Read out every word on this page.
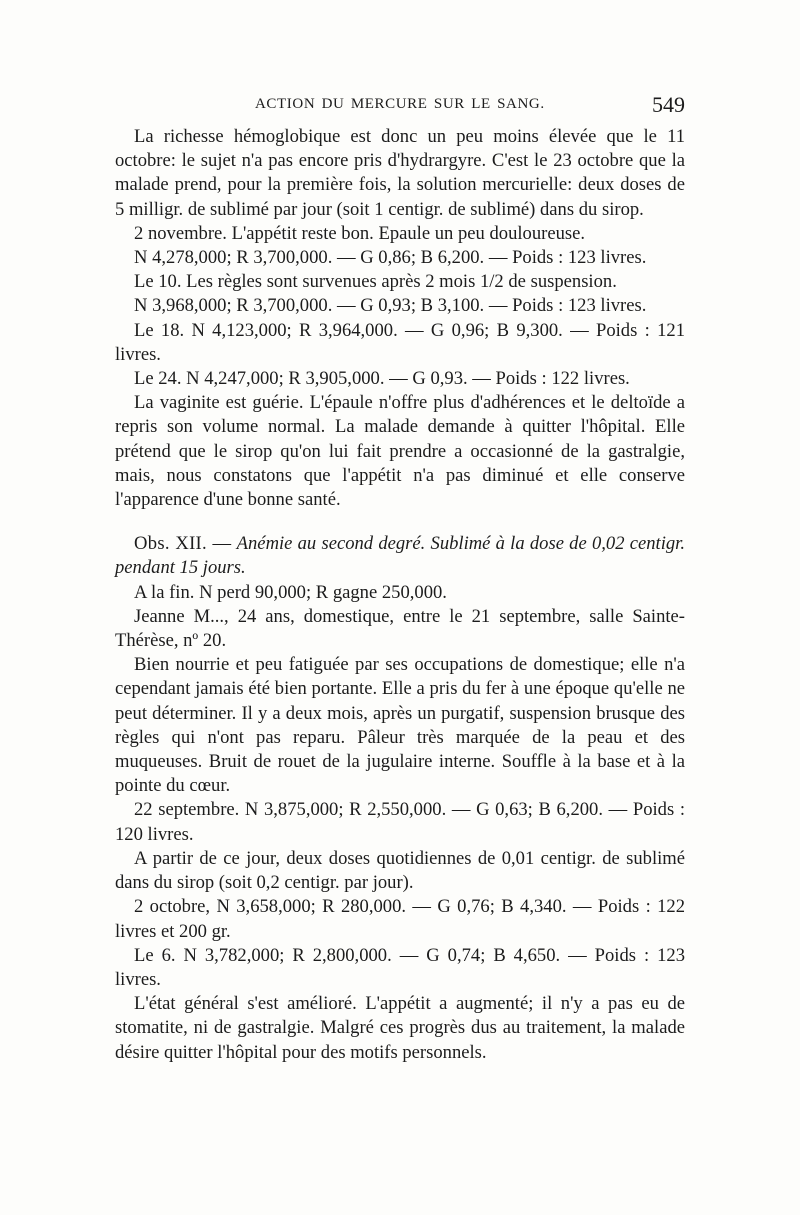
ACTION DU MERCURE SUR LE SANG.	549

La richesse hémoglobique est donc un peu moins élevée que le 11 octobre: le sujet n'a pas encore pris d'hydrargyre. C'est le 23 octobre que la malade prend, pour la première fois, la solution mercurielle: deux doses de 5 milligr. de sublimé par jour (soit 1 centigr. de sublimé) dans du sirop.

2 novembre. L'appétit reste bon. Epaule un peu douloureuse.

N 4,278,000; R 3,700,000. — G 0,86; B 6,200. — Poids : 123 livres.

Le 10. Les règles sont survenues après 2 mois 1/2 de suspension.

N 3,968,000; R 3,700,000. — G 0,93; B 3,100. — Poids : 123 livres.

Le 18. N 4,123,000; R 3,964,000. — G 0,96; B 9,300. — Poids : 121 livres.

Le 24. N 4,247,000; R 3,905,000. — G 0,93. — Poids : 122 livres.

La vaginite est guérie. L'épaule n'offre plus d'adhérences et le deltoïde a repris son volume normal. La malade demande à quitter l'hôpital. Elle prétend que le sirop qu'on lui fait prendre a occasionné de la gastralgie, mais, nous constatons que l'appétit n'a pas diminué et elle conserve l'apparence d'une bonne santé.

Obs. XII. — Anémie au second degré. Sublimé à la dose de 0,02 centigr. pendant 15 jours.

A la fin. N perd 90,000; R gagne 250,000.

Jeanne M..., 24 ans, domestique, entre le 21 septembre, salle Sainte-Thérèse, nº 20.

Bien nourrie et peu fatiguée par ses occupations de domestique; elle n'a cependant jamais été bien portante. Elle a pris du fer à une époque qu'elle ne peut déterminer. Il y a deux mois, après un purgatif, suspension brusque des règles qui n'ont pas reparu. Pâleur très marquée de la peau et des muqueuses. Bruit de rouet de la jugulaire interne. Souffle à la base et à la pointe du cœur.

22 septembre. N 3,875,000; R 2,550,000. — G 0,63; B 6,200. — Poids : 120 livres.

A partir de ce jour, deux doses quotidiennes de 0,01 centigr. de sublimé dans du sirop (soit 0,2 centigr. par jour).

2 octobre, N 3,658,000; R 280,000. — G 0,76; B 4,340. — Poids : 122 livres et 200 gr.

Le 6. N 3,782,000; R 2,800,000. — G 0,74; B 4,650. — Poids : 123 livres.

L'état général s'est amélioré. L'appétit a augmenté; il n'y a pas eu de stomatite, ni de gastralgie. Malgré ces progrès dus au traitement, la malade désire quitter l'hôpital pour des motifs personnels.
